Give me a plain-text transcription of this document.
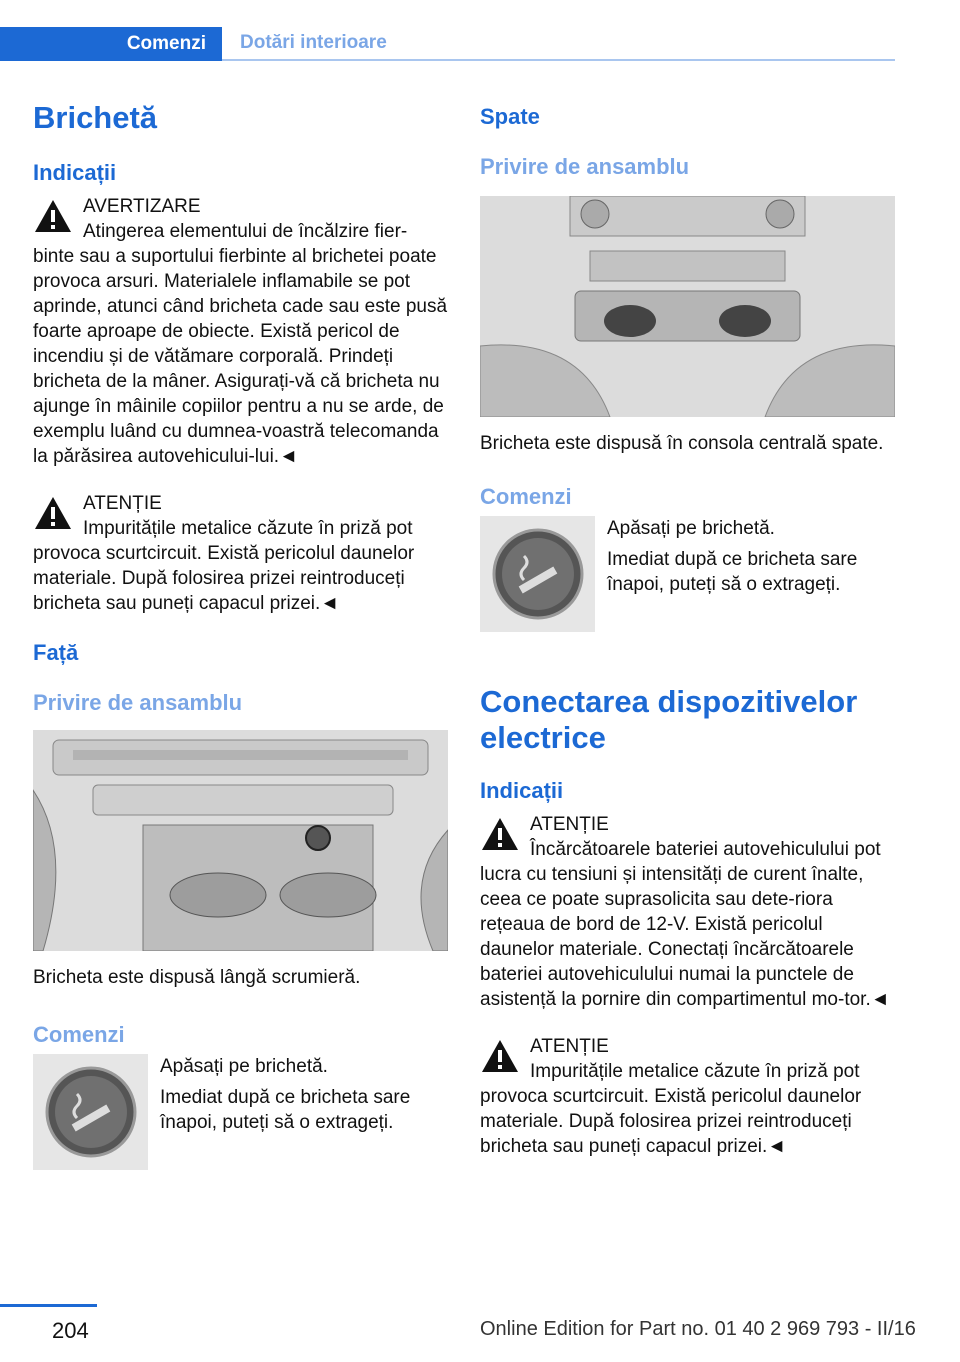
Comenzi Dotări interioare
Brichetă
Indicații
AVERTIZARE

Atingerea elementului de încălzire fier-binte sau a suportului fierbinte al brichetei poate provoca arsuri. Materialele inflamabile se pot aprinde, atunci când bricheta cade sau este pusă foarte aproape de obiecte. Există pericol de incendiu și de vătămare corporală. Prindeți bricheta de la mâner. Asigurați-vă că bricheta nu ajunge în mâinile copiilor pentru a nu se arde, de exemplu luând cu dumnea-voastră telecomanda la părăsirea autovehicului-lui.◄

ATENȚIE

Impuritățile metalice căzute în priză pot provoca scurtcircuit. Există pericolul daunelor materiale. După folosirea prizei reintroduceți bricheta sau puneți capacul prizei.◄

Față
Privire de ansamblu

Bricheta este dispusă lângă scrumieră.

Comenzi

Apăsați pe brichetă.

Imediat după ce bricheta sare înapoi, puteți să o extrageți.

Spate
Privire de ansamblu

Bricheta este dispusă în consola centrală spate.

Comenzi

Apăsați pe brichetă.

Imediat după ce bricheta sare înapoi, puteți să o extrageți.

Conectarea dispozitivelor electrice
Indicații
ATENȚIE

Încărcătoarele bateriei autovehiculului pot lucra cu tensiuni și intensități de curent înalte, ceea ce poate suprasolicita sau dete-riora rețeaua de bord de 12-V. Există pericolul daunelor materiale. Conectați încărcătoarele bateriei autovehiculului numai la punctele de asistență la pornire din compartimentul mo-tor.◄

ATENȚIE

Impuritățile metalice căzute în priză pot provoca scurtcircuit. Există pericolul daunelor materiale. După folosirea prizei reintroduceți bricheta sau puneți capacul prizei.◄

204	Online Edition for Part no. 01 40 2 969 793 - II/16
